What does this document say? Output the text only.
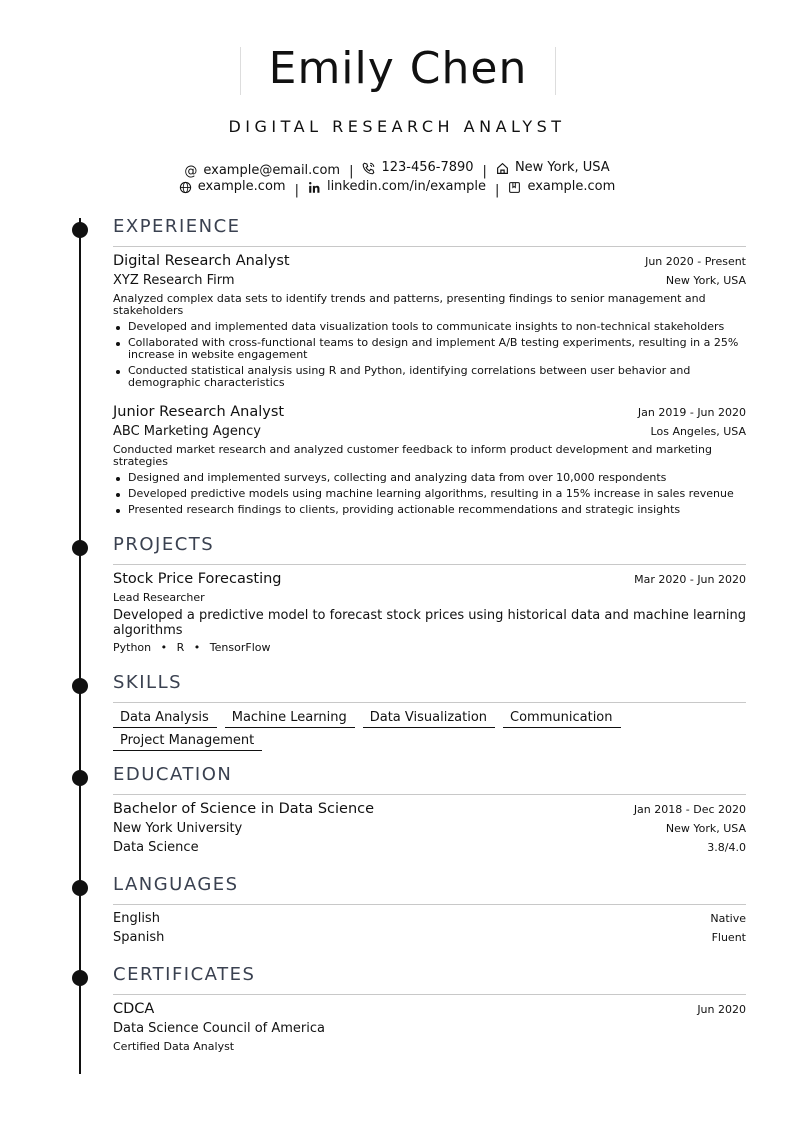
Emily Chen
DIGITAL RESEARCH ANALYST
@ example@email.com | 123-456-7890 | New York, USA
example.com | linkedin.com/in/example | example.com
EXPERIENCE
Digital Research Analyst	Jun 2020 - Present
XYZ Research Firm	New York, USA
Analyzed complex data sets to identify trends and patterns, presenting findings to senior management and stakeholders
Developed and implemented data visualization tools to communicate insights to non-technical stakeholders
Collaborated with cross-functional teams to design and implement A/B testing experiments, resulting in a 25% increase in website engagement
Conducted statistical analysis using R and Python, identifying correlations between user behavior and demographic characteristics
Junior Research Analyst	Jan 2019 - Jun 2020
ABC Marketing Agency	Los Angeles, USA
Conducted market research and analyzed customer feedback to inform product development and marketing strategies
Designed and implemented surveys, collecting and analyzing data from over 10,000 respondents
Developed predictive models using machine learning algorithms, resulting in a 15% increase in sales revenue
Presented research findings to clients, providing actionable recommendations and strategic insights
PROJECTS
Stock Price Forecasting	Mar 2020 - Jun 2020
Lead Researcher
Developed a predictive model to forecast stock prices using historical data and machine learning algorithms
Python • R • TensorFlow
SKILLS
Data Analysis Machine Learning Data Visualization Communication
Project Management
EDUCATION
Bachelor of Science in Data Science	Jan 2018 - Dec 2020
New York University	New York, USA
Data Science	3.8/4.0
LANGUAGES
English	Native
Spanish	Fluent
CERTIFICATES
CDCA	Jun 2020
Data Science Council of America
Certified Data Analyst
